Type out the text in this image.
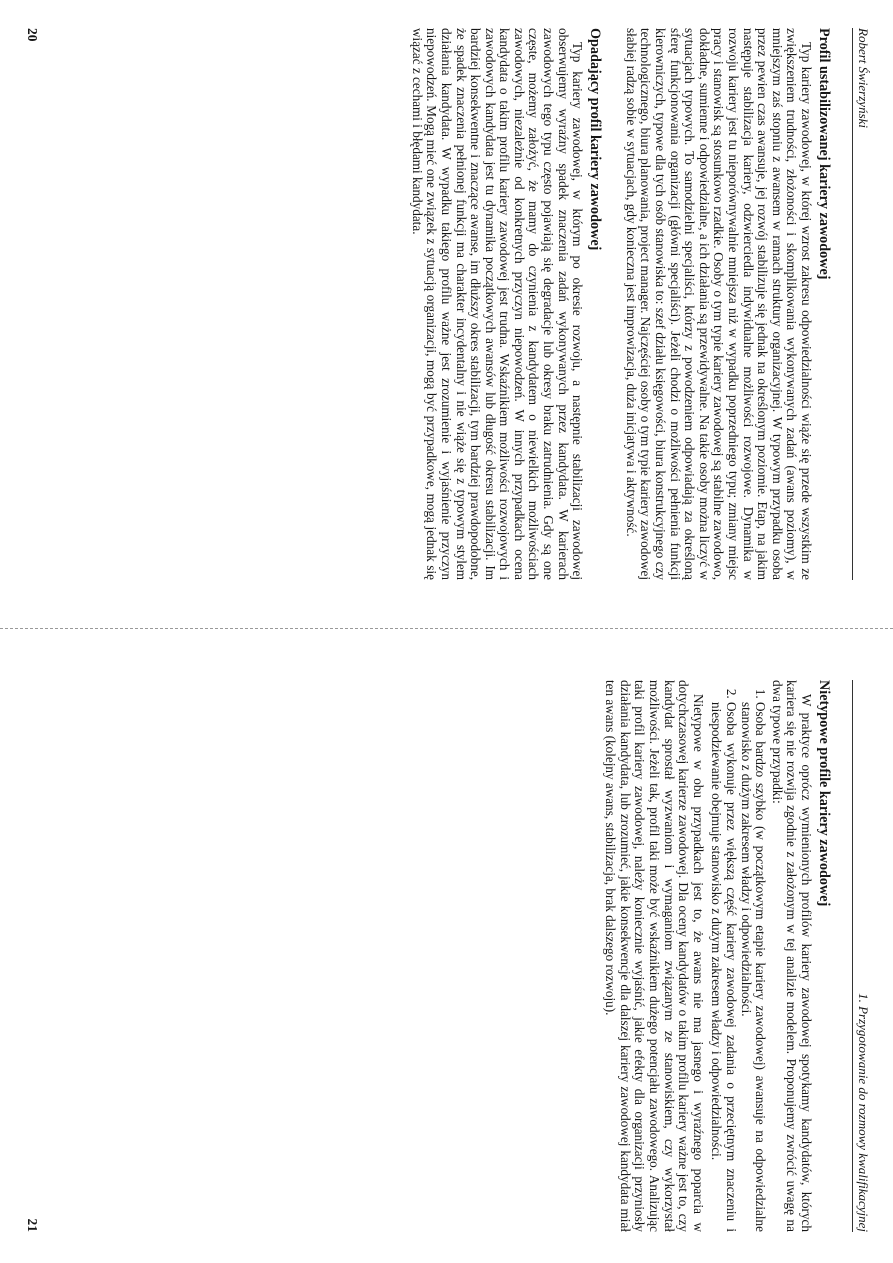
Robert Świerzyński
Profil ustabilizowanej kariery zawodowej

Typ kariery zawodowej, w której wzrost zakresu odpowiedzialności wiąże się przede wszystkim ze zwiększeniem trudności, złożoności i skomplikowania wykonywanych zadań (awans poziomy), w mniejszym zaś stopniu z awansem w ramach struktury organizacyjnej. W typowym przypadku osoba przez pewien czas awansuje, jej rozwój stabilizuje się jednak na określonym poziomie. Etap, na jakim następuje stabilizacja kariery, odzwierciedla indywidualne możliwości rozwojowe. Dynamika w rozwoju kariery jest tu nieporównywalnie mniejsza niż w wypadku poprzedniego typu; zmiany miejsc pracy i stanowisk są stosunkowo rzadkie. Osoby o tym typie kariery zawodowej są stabilne zawodowo, dokładne, sumienne i odpowiedzialne, a ich działania są przewidywalne. Na takie osoby można liczyć w sytuacjach typowych. To samodzielni specjaliści, którzy z powodzeniem odpowiadają za określoną sferę funkcjonowania organizacji (główni specjaliści). Jeżeli chodzi o możliwości pełnienia funkcji kierowniczych, typowe dla tych osób stanowiska to: szef działu księgowości, biura konstrukcyjnego czy technologicznego, biura planowania, project manager. Najczęściej osoby o tym typie kariery zawodowej słabiej radzą sobie w sytuacjach, gdy konieczna jest improwizacja, duża inicjatywa i aktywność.

Opadający profil kariery zawodowej

Typ kariery zawodowej, w którym po okresie rozwoju, a następnie stabilizacji zawodowej obserwujemy wyraźny spadek znaczenia zadań wykonywanych przez kandydata. W karierach zawodowych tego typu często pojawiają się degradacje lub okresy braku zatrudnienia. Gdy są one częste, możemy założyć, że mamy do czynienia z kandydatem o niewielkich możliwościach zawodowych, niezależnie od konkretnych przyczyn niepowodzeń. W innych przypadkach ocena kandydata o takim profilu kariery zawodowej jest trudna. Wskaźnikiem możliwości rozwojowych i zawodowych kandydata jest tu dynamika początkowych awansów lub długość okresu stabilizacji. Im bardziej konsekwentne i znaczące awanse, im dłuższy okres stabilizacji, tym bardziej prawdopodobne, że spadek znaczenia pełnionej funkcji ma charakter incydentalny i nie wiąże się z typowym stylem działania kandydata. W wypadku takiego profilu ważne jest zrozumienie i wyjaśnienie przyczyn niepowodzeń. Mogą mieć one związek z sytuacją organizacji, mogą być przypadkowe, mogą jednak się wiązać z cechami i błędami kandydata.

20
1. Przygotowanie do rozmowy kwalifikacyjnej
Nietypowe profile kariery zawodowej

W praktyce oprócz wymienionych profilów kariery zawodowej spotykamy kandydatów, których kariera się nie rozwija zgodnie z założonym w tej analizie modelem. Proponujemy zwrócić uwagę na dwa typowe przypadki:

1. Osoba bardzo szybko (w początkowym etapie kariery zawodowej) awansuje na odpowiedzialne stanowisko z dużym zakresem władzy i odpowiedzialności.
2. Osoba wykonuje przez większą część kariery zawodowej zadania o przeciętnym znaczeniu i niespodziewanie obejmuje stanowisko z dużym zakresem władzy i odpowiedzialności.

Nietypowe w obu przypadkach jest to, że awans nie ma jasnego i wyraźnego poparcia w dotychczasowej karierze zawodowej. Dla oceny kandydatów o takim profilu kariery ważne jest to, czy kandydat sprostał wyzwaniom i wymaganiom związanym ze stanowiskiem, czy wykorzystał możliwości. Jeżeli tak, profil taki może być wskaźnikiem dużego potencjału zawodowego. Analizując taki profil kariery zawodowej, należy koniecznie wyjaśnić, jakie efekty dla organizacji przyniosły działania kandydata, lub zrozumieć, jakie konsekwencje dla dalszej kariery zawodowej kandydata miał ten awans (kolejny awans, stabilizacja, brak dalszego rozwoju).

21
